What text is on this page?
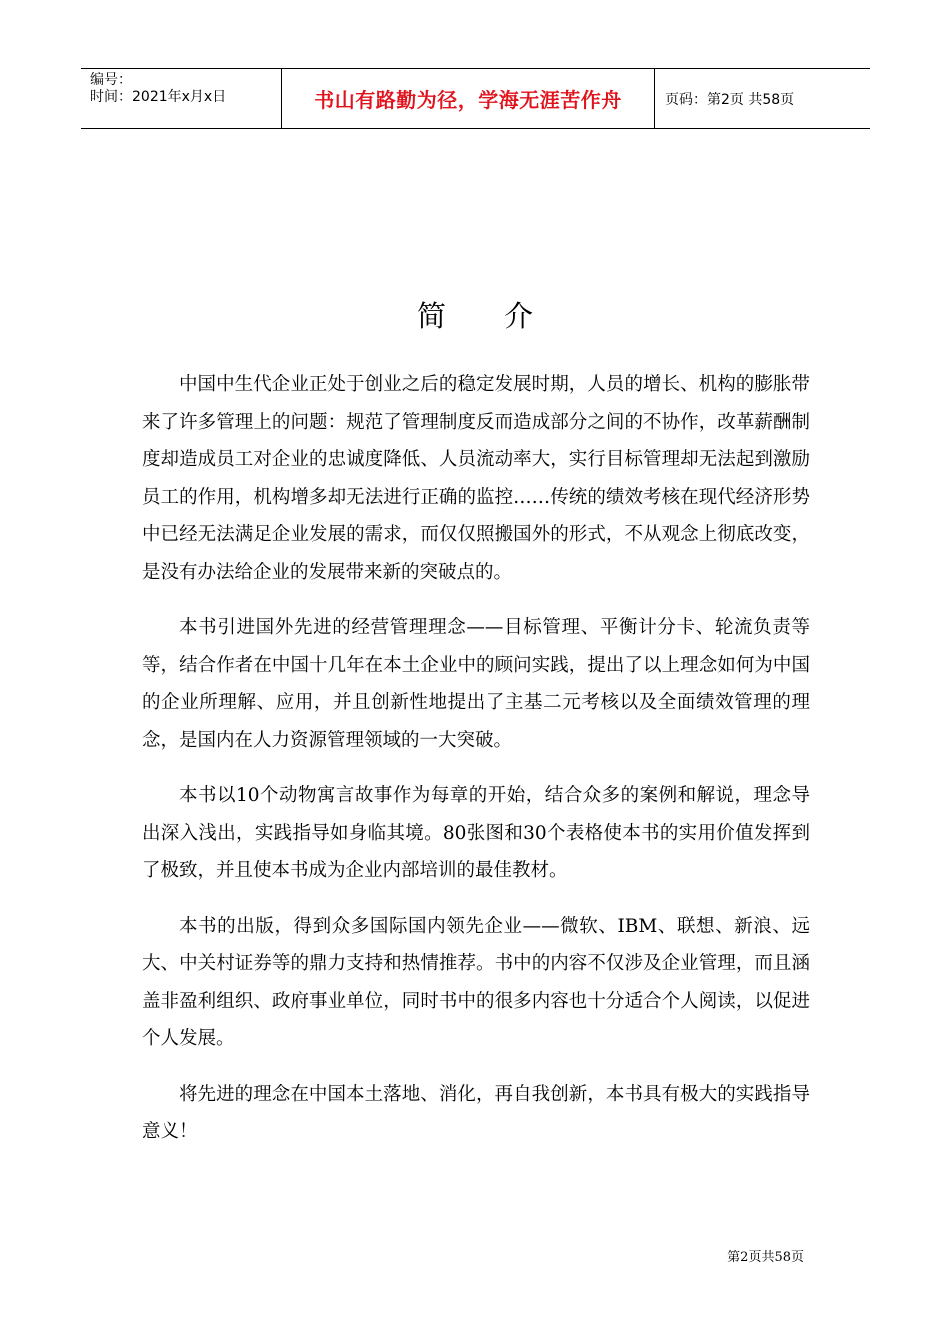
编号：
时间：2021年x月x日	书山有路勤为径，学海无涯苦作舟	页码：第2页 共58页
简介

中国中生代企业正处于创业之后的稳定发展时期，人员的增长、机构的膨胀带来了许多管理上的问题：规范了管理制度反而造成部分之间的不协作，改革薪酬制度却造成员工对企业的忠诚度降低、人员流动率大，实行目标管理却无法起到激励员工的作用，机构增多却无法进行正确的监控……传统的绩效考核在现代经济形势中已经无法满足企业发展的需求，而仅仅照搬国外的形式，不从观念上彻底改变，是没有办法给企业的发展带来新的突破点的。

本书引进国外先进的经营管理理念——目标管理、平衡计分卡、轮流负责等等，结合作者在中国十几年在本土企业中的顾问实践，提出了以上理念如何为中国的企业所理解、应用，并且创新性地提出了主基二元考核以及全面绩效管理的理念，是国内在人力资源管理领域的一大突破。

本书以10个动物寓言故事作为每章的开始，结合众多的案例和解说，理念导出深入浅出，实践指导如身临其境。80张图和30个表格使本书的实用价值发挥到了极致，并且使本书成为企业内部培训的最佳教材。

本书的出版，得到众多国际国内领先企业——微软、IBM、联想、新浪、远大、中关村证券等的鼎力支持和热情推荐。书中的内容不仅涉及企业管理，而且涵盖非盈利组织、政府事业单位，同时书中的很多内容也十分适合个人阅读，以促进个人发展。

将先进的理念在中国本土落地、消化，再自我创新，本书具有极大的实践指导意义！

第2页共58页
